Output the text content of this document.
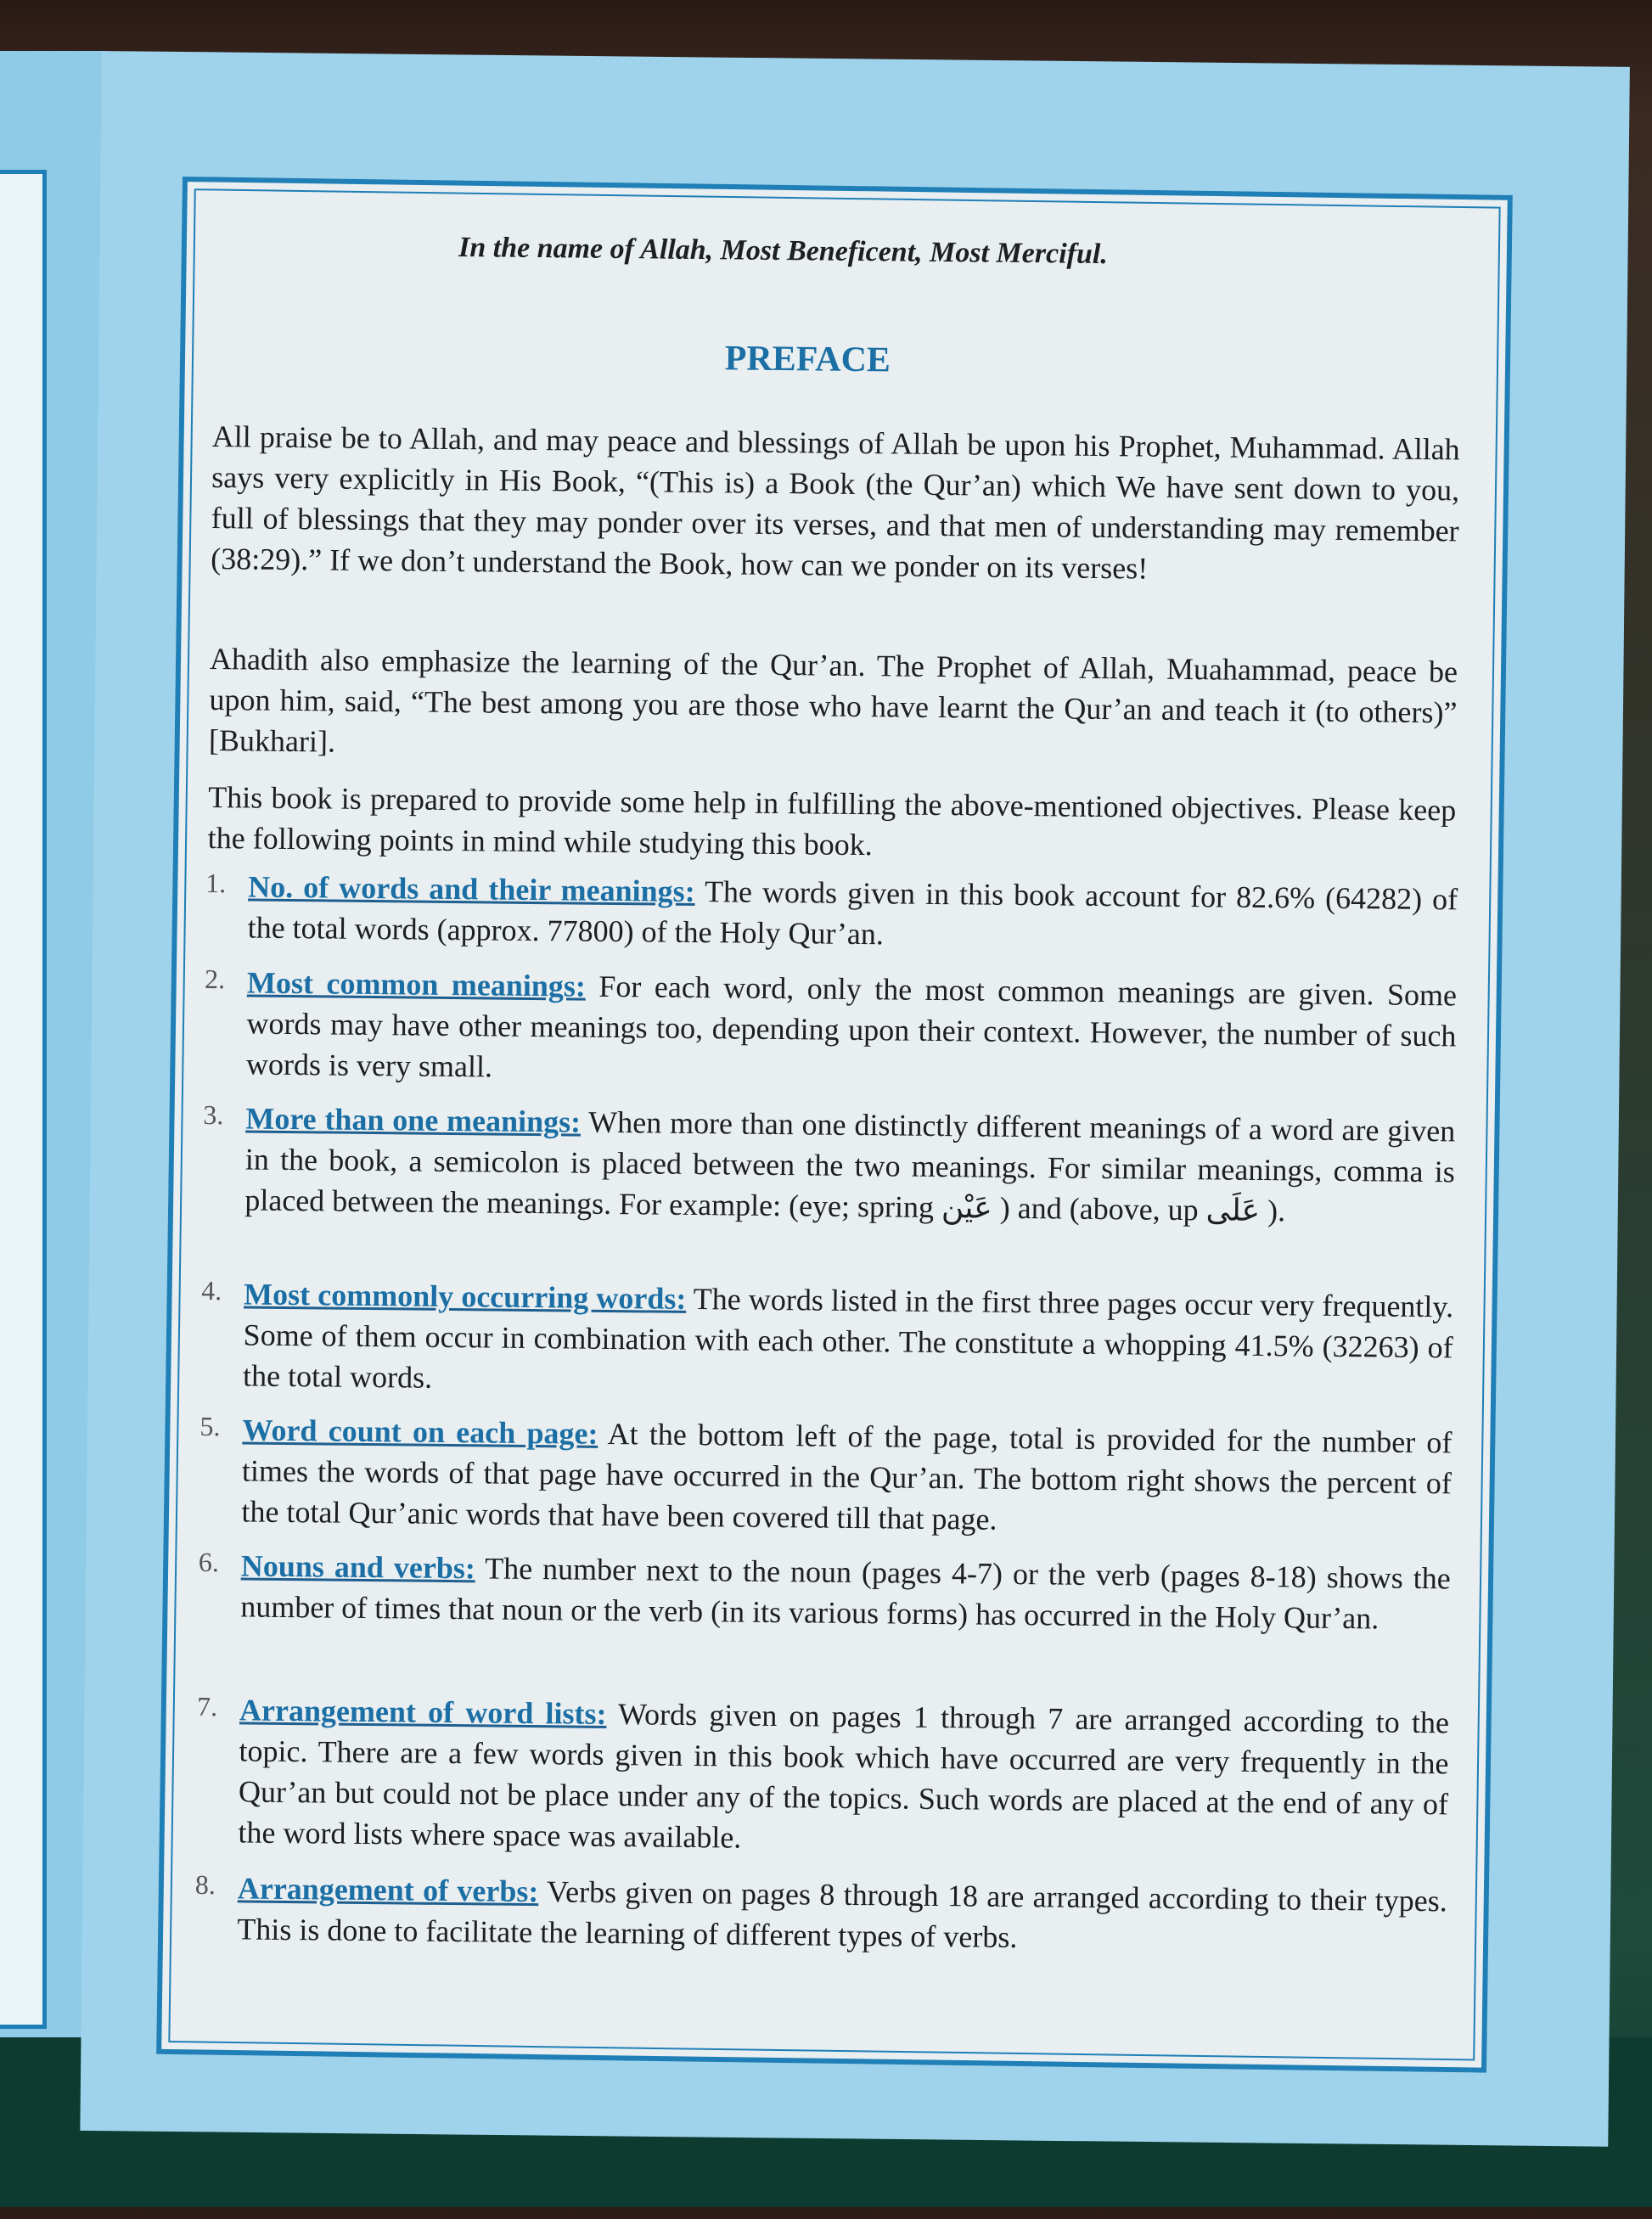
In the name of Allah, Most Beneficent, Most Merciful.
PREFACE
All praise be to Allah, and may peace and blessings of Allah be upon his Prophet, Muhammad. Allah says very explicitly in His Book, “(This is) a Book (the Qur’an) which We have sent down to you, full of blessings that they may ponder over its verses, and that men of understanding may remember (38:29).” If we don’t understand the Book, how can we ponder on its verses!
Ahadith also emphasize the learning of the Qur’an. The Prophet of Allah, Muahammad, peace be upon him, said, “The best among you are those who have learnt the Qur’an and teach it (to others)” [Bukhari].
This book is prepared to provide some help in fulfilling the above-mentioned objectives. Please keep the following points in mind while studying this book.
1. No. of words and their meanings: The words given in this book account for 82.6% (64282) of the total words (approx. 77800) of the Holy Qur’an.
2. Most common meanings: For each word, only the most common meanings are given. Some words may have other meanings too, depending upon their context. However, the number of such words is very small.
3. More than one meanings: When more than one distinctly different meanings of a word are given in the book, a semicolon is placed between the two meanings. For similar meanings, comma is placed between the meanings. For example: (eye; spring عَيْن ) and (above, up عَلَى ).
4. Most commonly occurring words: The words listed in the first three pages occur very frequently. Some of them occur in combination with each other. The constitute a whopping 41.5% (32263) of the total words.
5. Word count on each page: At the bottom left of the page, total is provided for the number of times the words of that page have occurred in the Qur’an. The bottom right shows the percent of the total Qur’anic words that have been covered till that page.
6. Nouns and verbs: The number next to the noun (pages 4-7) or the verb (pages 8-18) shows the number of times that noun or the verb (in its various forms) has occurred in the Holy Qur’an.
7. Arrangement of word lists: Words given on pages 1 through 7 are arranged according to the topic. There are a few words given in this book which have occurred are very frequently in the Qur’an but could not be place under any of the topics. Such words are placed at the end of any of the word lists where space was available.
8. Arrangement of verbs: Verbs given on pages 8 through 18 are arranged according to their types. This is done to facilitate the learning of different types of verbs.
